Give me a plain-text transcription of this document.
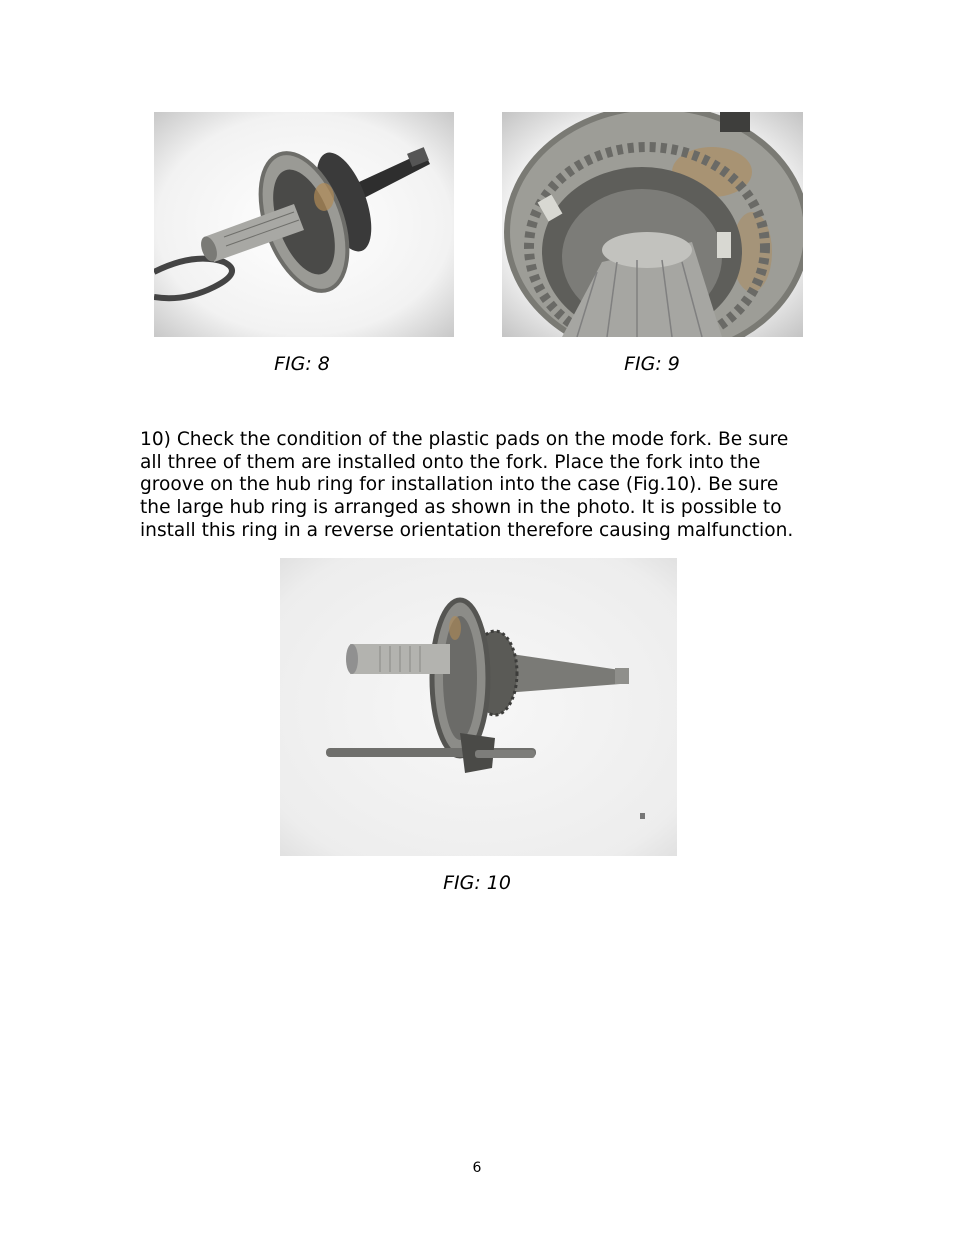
FIG: 8	FIG: 9
10) Check the condition of the plastic pads on the mode fork. Be sure
all three of them are installed onto the fork. Place the fork into the
groove on the hub ring for installation into the case (Fig.10). Be sure
the large hub ring is arranged as shown in the photo. It is possible to
install this ring in a reverse orientation therefore causing malfunction.
FIG: 10
6
